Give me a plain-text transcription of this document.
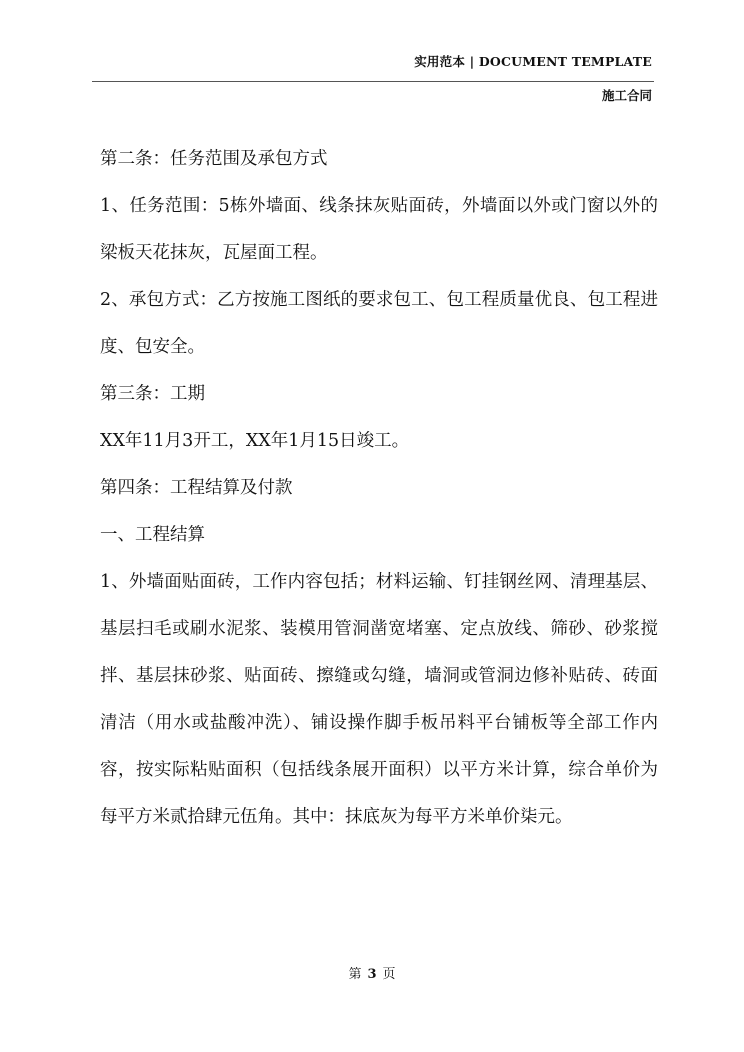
实用范本 | DOCUMENT TEMPLATE
施工合同

第二条：任务范围及承包方式

1、任务范围：5栋外墙面、线条抹灰贴面砖，外墙面以外或门窗以外的梁板天花抹灰，瓦屋面工程。

2、承包方式：乙方按施工图纸的要求包工、包工程质量优良、包工程进度、包安全。

第三条：工期

XX年11月3开工，XX年1月15日竣工。

第四条：工程结算及付款

一、工程结算

1、外墙面贴面砖，工作内容包括；材料运输、钉挂钢丝网、清理基层、基层扫毛或刷水泥浆、装模用管洞凿宽堵塞、定点放线、筛砂、砂浆搅拌、基层抹砂浆、贴面砖、擦缝或勾缝，墙洞或管洞边修补贴砖、砖面清洁（用水或盐酸冲洗）、铺设操作脚手板吊料平台铺板等全部工作内容，按实际粘贴面积（包括线条展开面积）以平方米计算，综合单价为每平方米贰拾肆元伍角。其中：抹底灰为每平方米单价柒元。

第 3 页
